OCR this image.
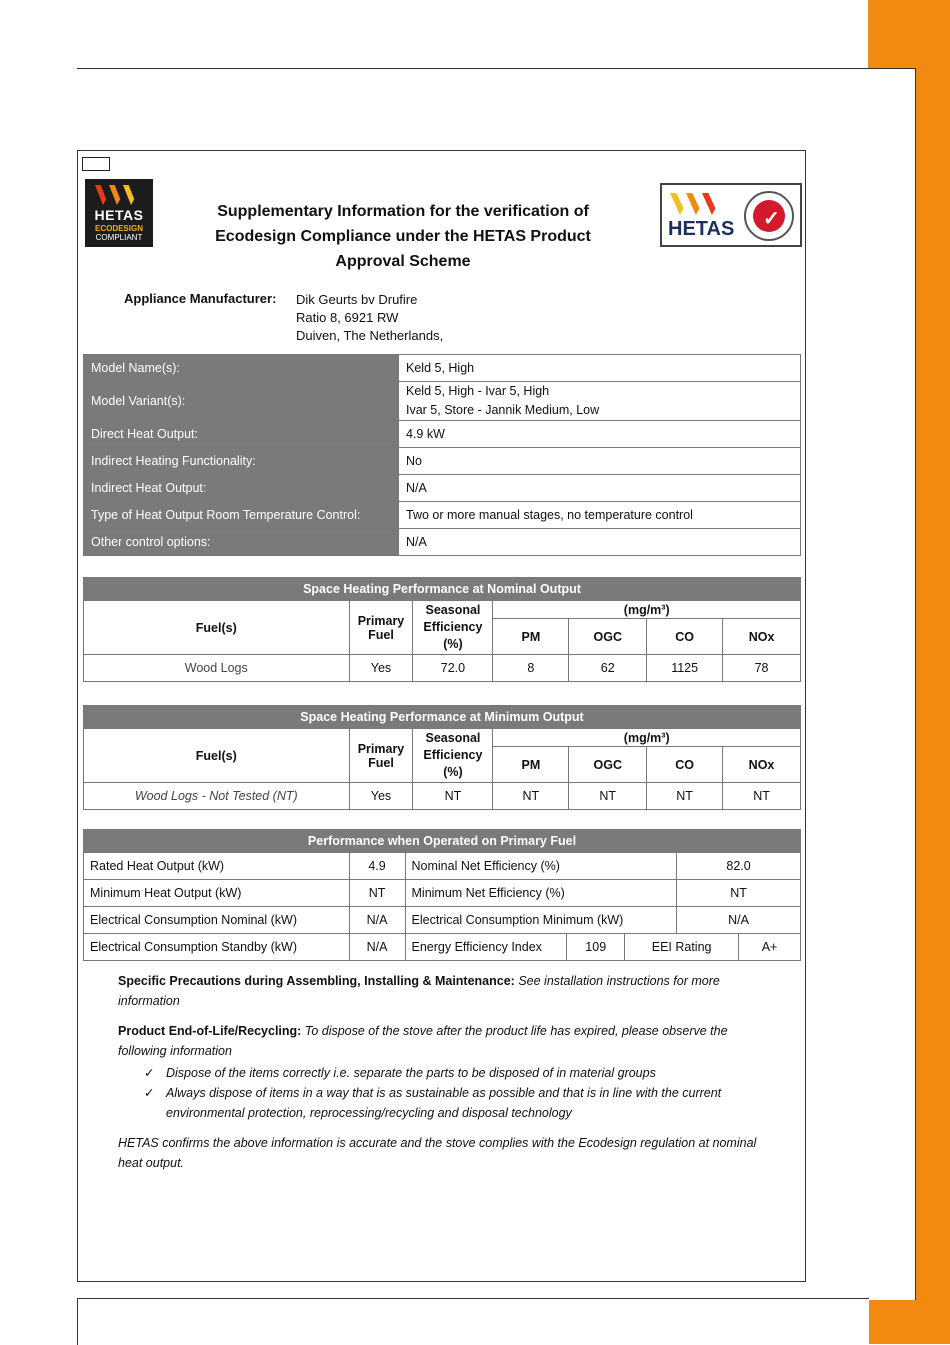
HETAS
ECODESIGN
COMPLIANT
Supplementary Information for the verification of Ecodesign Compliance under the HETAS Product Approval Scheme
HETAS ✓
Appliance Manufacturer: Dik Geurts bv Drufire
Ratio 8, 6921 RW
Duiven, The Netherlands,
Model Name(s):	Keld 5, High
Model Variant(s):	Keld 5, High - Ivar 5, High
Ivar 5, Store - Jannik Medium, Low

Direct Heat Output:	4.9 kW
Indirect Heating Functionality:	No
Indirect Heat Output:	N/A
Type of Heat Output Room Temperature Control:	Two or more manual stages, no temperature control
Other control options:	N/A
Space Heating Performance at Nominal Output						
Fuel(s)	Primary Fuel	Seasonal Efficiency (%)	(mg/m³)			
			PM	OGC	CO	NOx
Wood Logs	Yes	72.0	8	62	1125	78
Space Heating Performance at Minimum Output						
Fuel(s)	Primary Fuel	Seasonal Efficiency (%)	(mg/m³)			
			PM	OGC	CO	NOx
Wood Logs - Not Tested (NT)	Yes	NT	NT	NT	NT	NT
Performance when Operated on Primary Fuel						
Rated Heat Output (kW)	4.9	Nominal Net Efficiency (%)			82.0	
Minimum Heat Output (kW)	NT	Minimum Net Efficiency (%)			NT	
Electrical Consumption Nominal (kW)	N/A	Electrical Consumption Minimum (kW)			N/A	
Electrical Consumption Standby (kW)	N/A	Energy Efficiency Index	109	EEI Rating		A+

Specific Precautions during Assembling, Installing & Maintenance: See installation instructions for more information

Product End-of-Life/Recycling: To dispose of the stove after the product life has expired, please observe the following information

✓ Dispose of the items correctly i.e. separate the parts to be disposed of in material groups
✓ Always dispose of items in a way that is as sustainable as possible and that is in line with the current environmental protection, reprocessing/recycling and disposal technology

HETAS confirms the above information is accurate and the stove complies with the Ecodesign regulation at nominal heat output.
